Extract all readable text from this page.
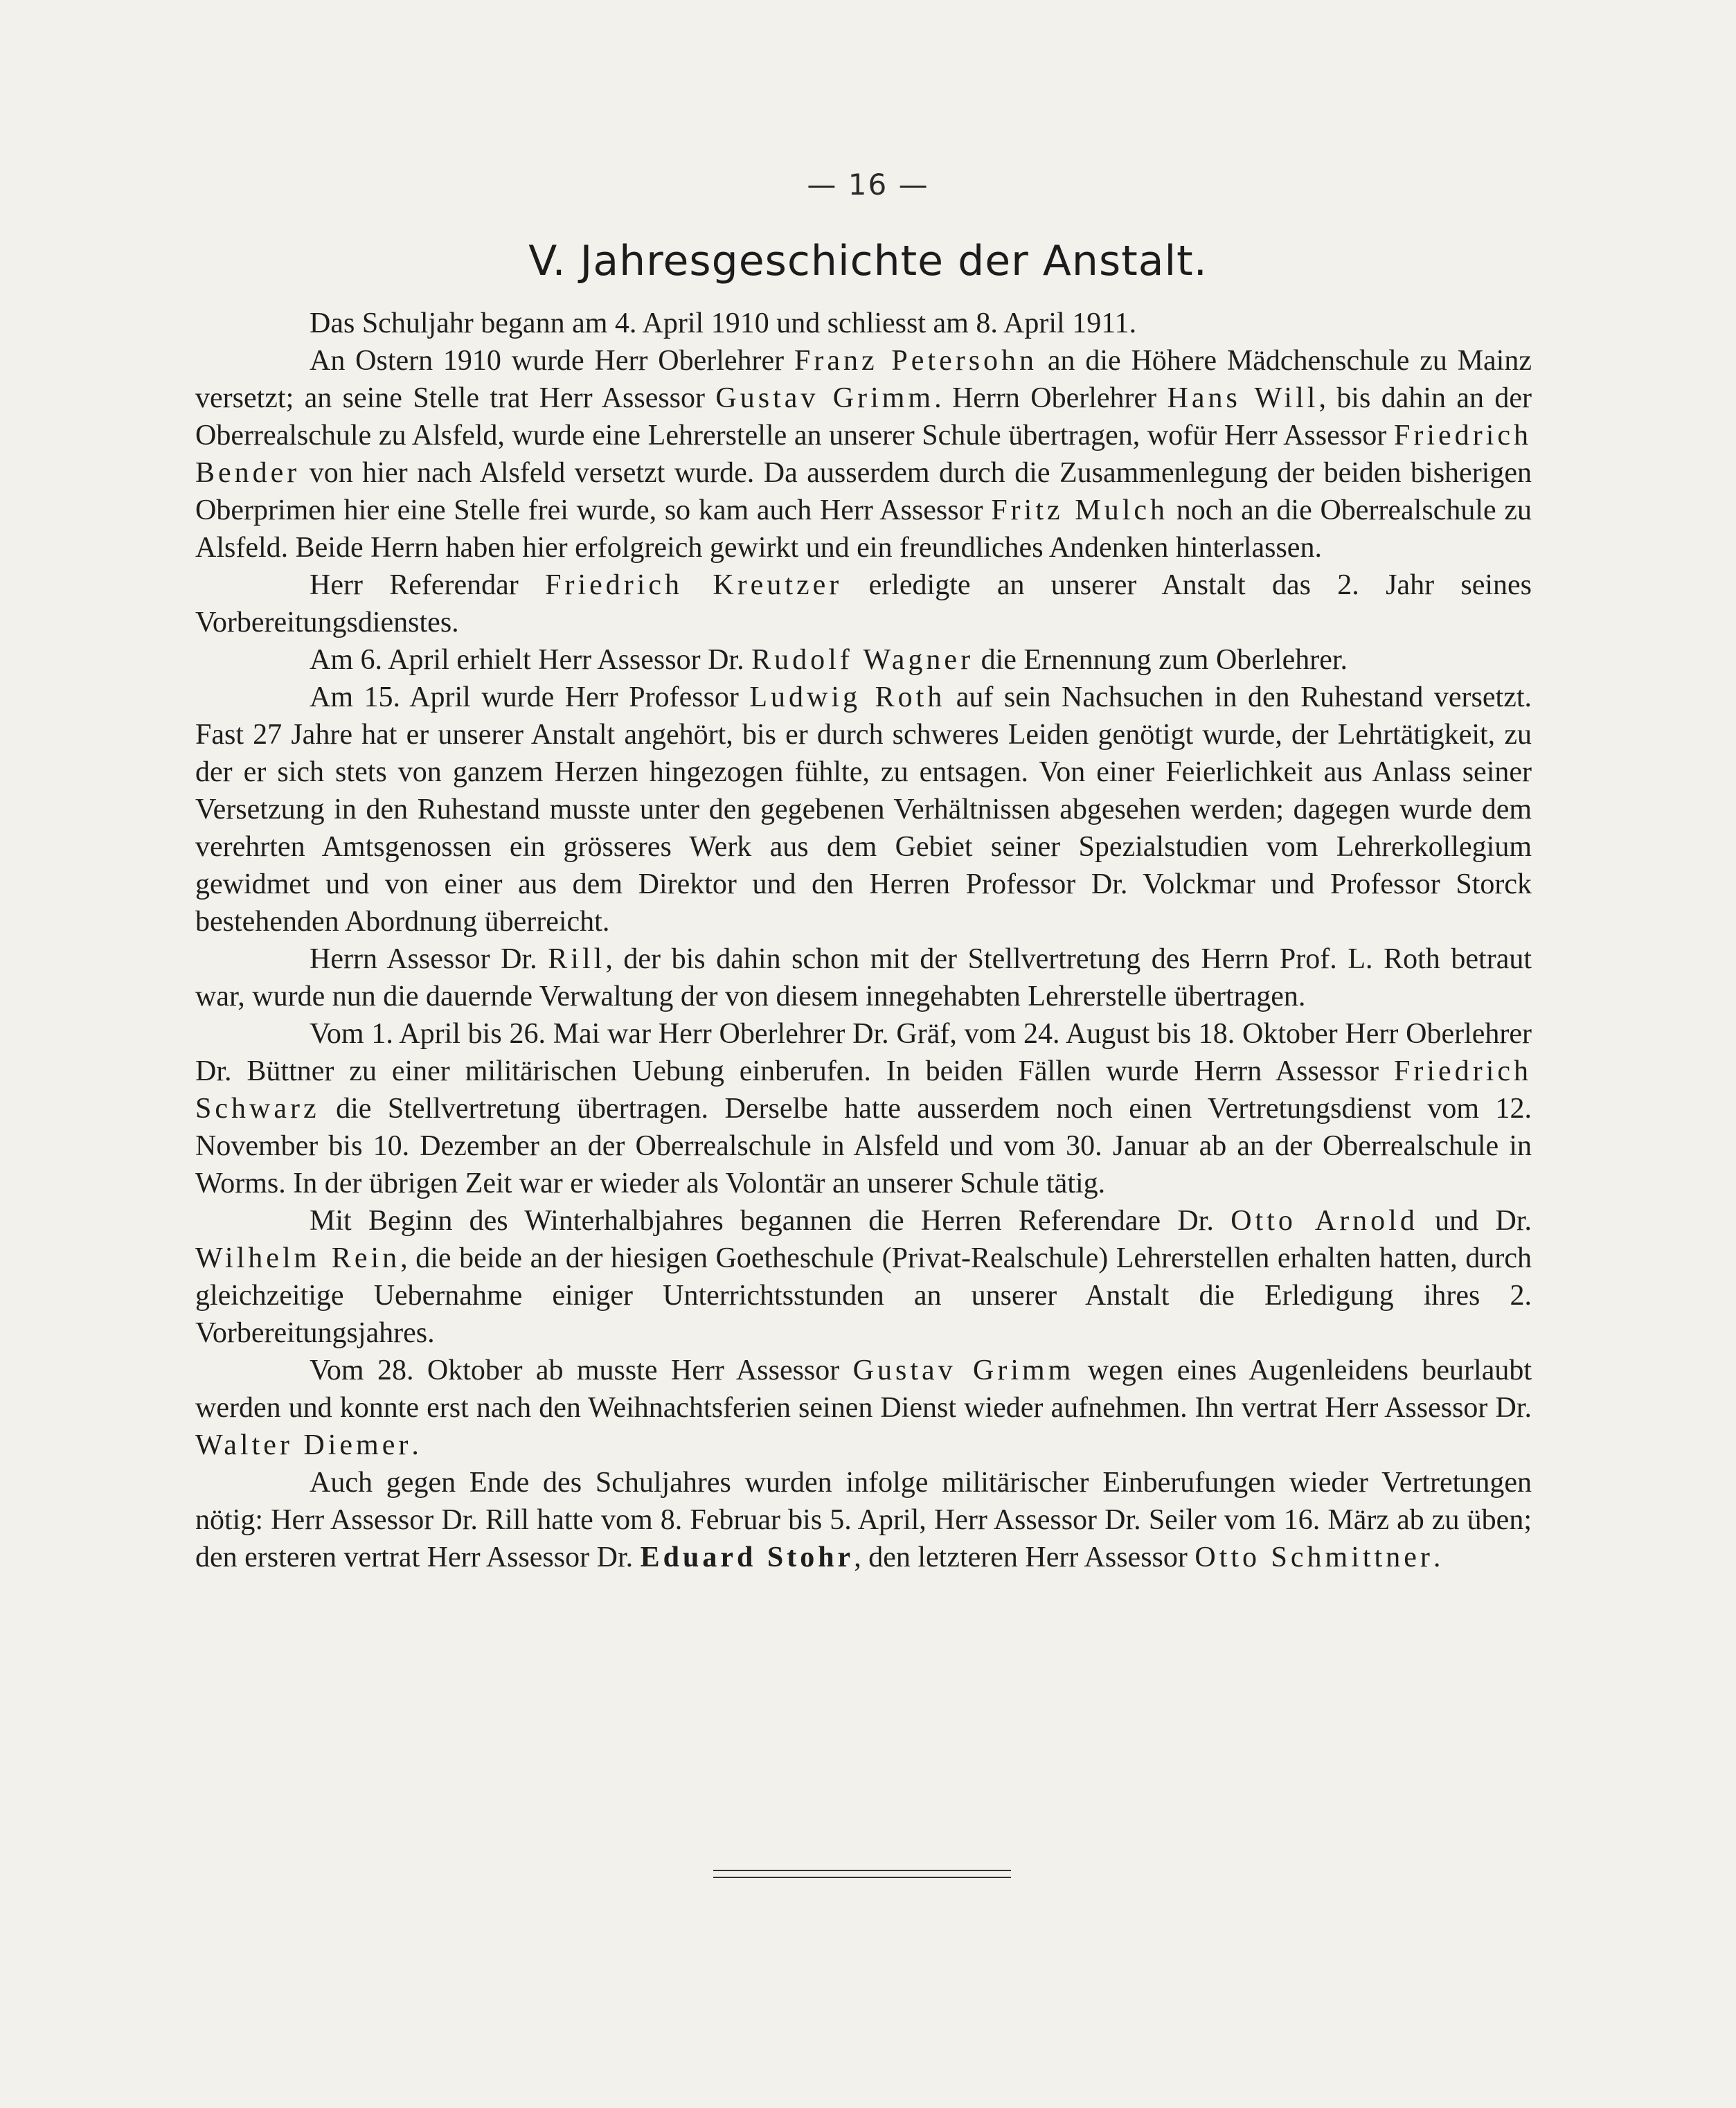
— 16 —
V. Jahresgeschichte der Anstalt.

Das Schuljahr begann am 4. April 1910 und schliesst am 8. April 1911.

An Ostern 1910 wurde Herr Oberlehrer Franz Petersohn an die Höhere Mädchenschule zu Mainz versetzt; an seine Stelle trat Herr Assessor Gustav Grimm. Herrn Oberlehrer Hans Will, bis dahin an der Oberrealschule zu Alsfeld, wurde eine Lehrerstelle an unserer Schule übertragen, wofür Herr Assessor Friedrich Bender von hier nach Alsfeld versetzt wurde. Da ausserdem durch die Zusammenlegung der beiden bisherigen Oberprimen hier eine Stelle frei wurde, so kam auch Herr Assessor Fritz Mulch noch an die Oberrealschule zu Alsfeld. Beide Herrn haben hier erfolgreich gewirkt und ein freundliches Andenken hinterlassen.

Herr Referendar Friedrich Kreutzer erledigte an unserer Anstalt das 2. Jahr seines Vorbereitungsdienstes.

Am 6. April erhielt Herr Assessor Dr. Rudolf Wagner die Ernennung zum Oberlehrer.

Am 15. April wurde Herr Professor Ludwig Roth auf sein Nachsuchen in den Ruhestand versetzt. Fast 27 Jahre hat er unserer Anstalt angehört, bis er durch schweres Leiden genötigt wurde, der Lehrtätigkeit, zu der er sich stets von ganzem Herzen hingezogen fühlte, zu entsagen. Von einer Feierlichkeit aus Anlass seiner Versetzung in den Ruhestand musste unter den gegebenen Verhältnissen abgesehen werden; dagegen wurde dem verehrten Amtsgenossen ein grösseres Werk aus dem Gebiet seiner Spezialstudien vom Lehrerkollegium gewidmet und von einer aus dem Direktor und den Herren Professor Dr. Volckmar und Professor Storck bestehenden Abordnung überreicht.

Herrn Assessor Dr. Rill, der bis dahin schon mit der Stellvertretung des Herrn Prof. L. Roth betraut war, wurde nun die dauernde Verwaltung der von diesem innegehabten Lehrerstelle übertragen.

Vom 1. April bis 26. Mai war Herr Oberlehrer Dr. Gräf, vom 24. August bis 18. Oktober Herr Oberlehrer Dr. Büttner zu einer militärischen Uebung einberufen. In beiden Fällen wurde Herrn Assessor Friedrich Schwarz die Stellvertretung übertragen. Derselbe hatte ausserdem noch einen Vertretungsdienst vom 12. November bis 10. Dezember an der Oberrealschule in Alsfeld und vom 30. Januar ab an der Oberrealschule in Worms. In der übrigen Zeit war er wieder als Volontär an unserer Schule tätig.

Mit Beginn des Winterhalbjahres begannen die Herren Referendare Dr. Otto Arnold und Dr. Wilhelm Rein, die beide an der hiesigen Goetheschule (Privat-Realschule) Lehrerstellen erhalten hatten, durch gleichzeitige Uebernahme einiger Unterrichtsstunden an unserer Anstalt die Erledigung ihres 2. Vorbereitungsjahres.

Vom 28. Oktober ab musste Herr Assessor Gustav Grimm wegen eines Augenleidens beurlaubt werden und konnte erst nach den Weihnachtsferien seinen Dienst wieder aufnehmen. Ihn vertrat Herr Assessor Dr. Walter Diemer.

Auch gegen Ende des Schuljahres wurden infolge militärischer Einberufungen wieder Vertretungen nötig: Herr Assessor Dr. Rill hatte vom 8. Februar bis 5. April, Herr Assessor Dr. Seiler vom 16. März ab zu üben; den ersteren vertrat Herr Assessor Dr. Eduard Stohr, den letzteren Herr Assessor Otto Schmittner.
